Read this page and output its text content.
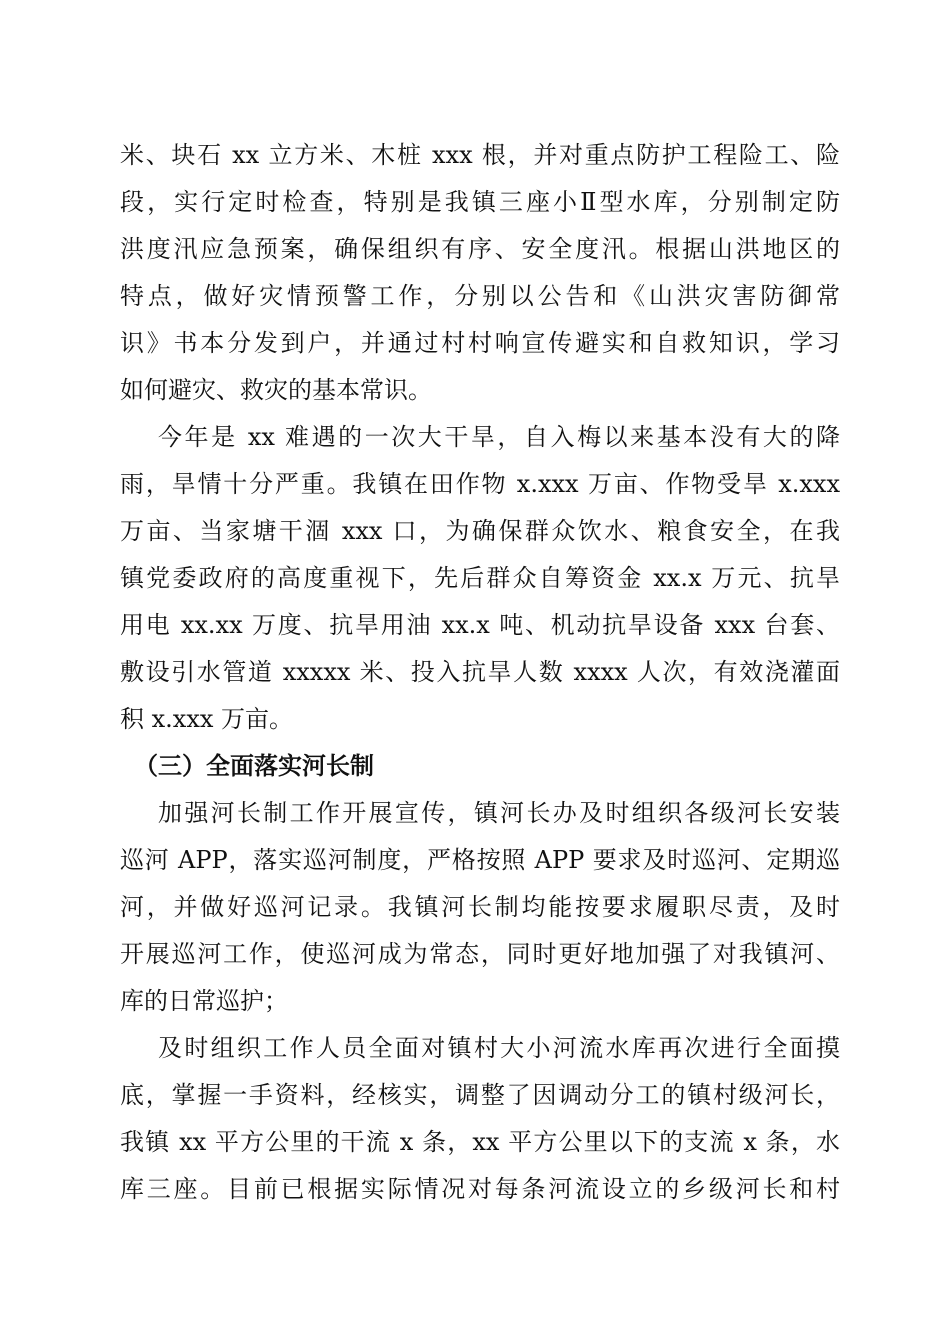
米、块石 xx 立方米、木桩 xxx 根，并对重点防护工程险工、险
段，实行定时检查，特别是我镇三座小Ⅱ型水库，分别制定防
洪度汛应急预案，确保组织有序、安全度汛。根据山洪地区的
特点，做好灾情预警工作，分别以公告和《山洪灾害防御常
识》书本分发到户，并通过村村响宣传避实和自救知识，学习
如何避灾、救灾的基本常识。
今年是 xx 难遇的一次大干旱，自入梅以来基本没有大的降
雨，旱情十分严重。我镇在田作物 x.xxx 万亩、作物受旱 x.xxx
万亩、当家塘干涸 xxx 口，为确保群众饮水、粮食安全，在我
镇党委政府的高度重视下，先后群众自筹资金 xx.x 万元、抗旱
用电 xx.xx 万度、抗旱用油 xx.x 吨、机动抗旱设备 xxx 台套、
敷设引水管道 xxxxx 米、投入抗旱人数 xxxx 人次，有效浇灌面
积 x.xxx 万亩。
（三）全面落实河长制
加强河长制工作开展宣传，镇河长办及时组织各级河长安装
巡河 APP，落实巡河制度，严格按照 APP 要求及时巡河、定期巡
河，并做好巡河记录。我镇河长制均能按要求履职尽责，及时
开展巡河工作，使巡河成为常态，同时更好地加强了对我镇河、
库的日常巡护；
及时组织工作人员全面对镇村大小河流水库再次进行全面摸
底，掌握一手资料，经核实，调整了因调动分工的镇村级河长，
我镇 xx 平方公里的干流 x 条，xx 平方公里以下的支流 x 条，水
库三座。目前已根据实际情况对每条河流设立的乡级河长和村
